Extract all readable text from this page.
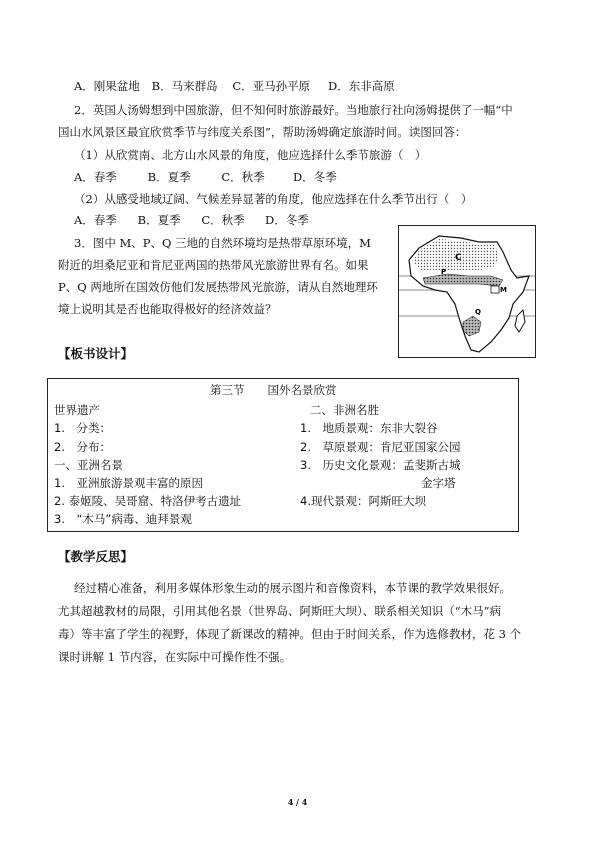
A．刚果盆地 B．马来群岛 C．亚马孙平原 D．东非高原
2．英国人汤姆想到中国旅游，但不知何时旅游最好。当地旅行社向汤姆提供了一幅“中
国山水风景区最宜欣赏季节与纬度关系图”，帮助汤姆确定旅游时间。读图回答：
（1）从欣赏南、北方山水风景的角度，他应选择什么季节旅游（　）
A．春季	B．夏季	C．秋季 D．冬季
（2）从感受地域辽阔、气候差异显著的角度，他应选择在什么季节出行（　）
A．春季 B．夏季 C．秋季 D．冬季
3．图中 M、P、Q 三地的自然环境均是热带草原环境，M
附近的坦桑尼亚和肯尼亚两国的热带风光旅游世界有名。如果
P、Q 两地所在国效仿他们发展热带风光旅游，请从自然地理环
境上说明其是否也能取得极好的经济效益？
C
P
M
Q
【板书设计】
第三节　　国外名景欣赏
世界遗产
1.　分类：
2.　分布：
一、亚洲名景
1.　亚洲旅游景观丰富的原因
2. 泰姬陵、吴哥窟、特洛伊考古遗址
3.　“木马”病毒、迪拜景观
二、非洲名胜
1.　地质景观：东非大裂谷
2.　草原景观：肯尼亚国家公园
3.　历史文化景观：孟斐斯古城
金字塔
4.现代景观：阿斯旺大坝
【教学反思】
经过精心准备，利用多媒体形象生动的展示图片和音像资料，本节课的教学效果很好。
尤其超越教材的局限，引用其他名景（世界岛、阿斯旺大坝）、联系相关知识（“木马”病
毒）等丰富了学生的视野，体现了新课改的精神。但由于时间关系，作为选修教材，花 3 个
课时讲解 1 节内容，在实际中可操作性不强。
4 / 4
